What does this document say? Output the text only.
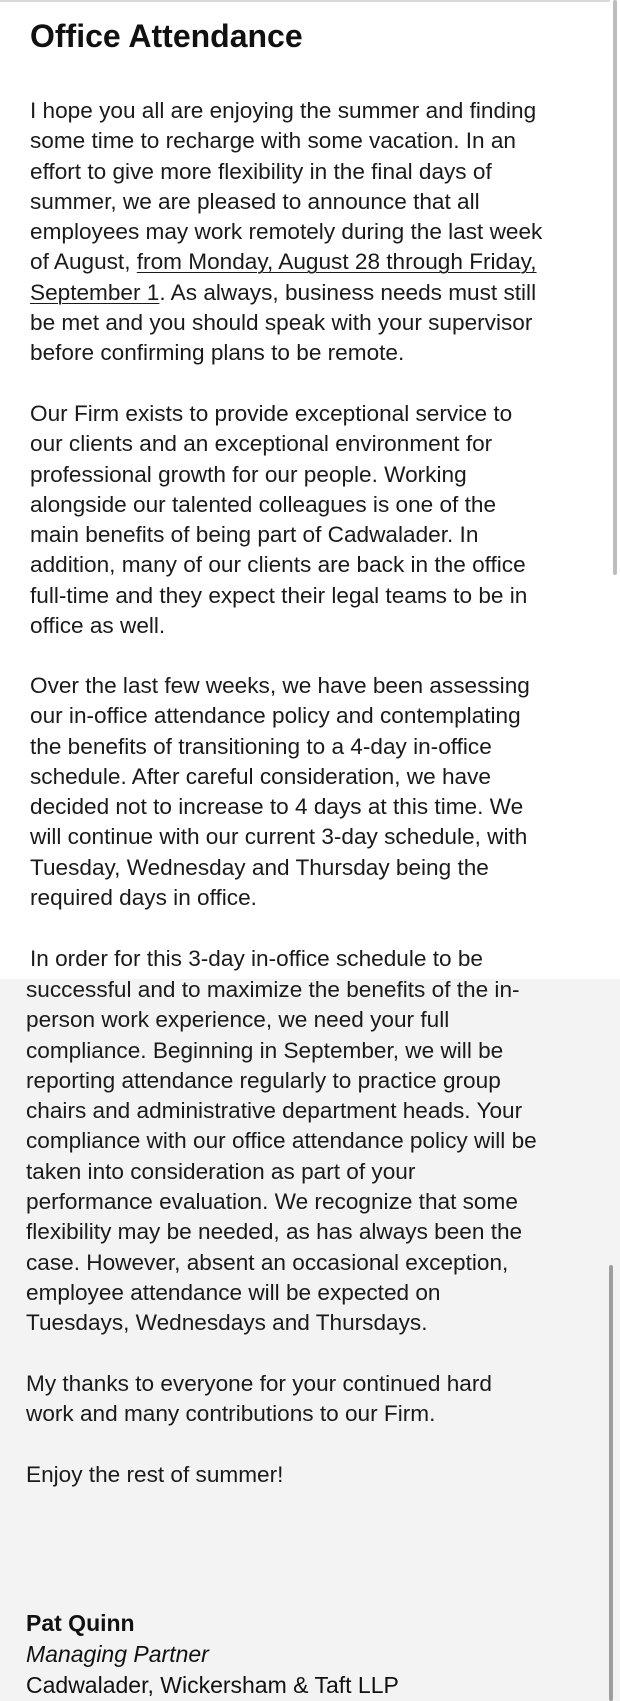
Office Attendance

I hope you all are enjoying the summer and finding
some time to recharge with some vacation. In an
effort to give more flexibility in the final days of
summer, we are pleased to announce that all
employees may work remotely during the last week
of August, from Monday, August 28 through Friday,
September 1. As always, business needs must still
be met and you should speak with your supervisor
before confirming plans to be remote.

Our Firm exists to provide exceptional service to
our clients and an exceptional environment for
professional growth for our people. Working
alongside our talented colleagues is one of the
main benefits of being part of Cadwalader. In
addition, many of our clients are back in the office
full-time and they expect their legal teams to be in
office as well.

Over the last few weeks, we have been assessing
our in-office attendance policy and contemplating
the benefits of transitioning to a 4-day in-office
schedule. After careful consideration, we have
decided not to increase to 4 days at this time. We
will continue with our current 3-day schedule, with
Tuesday, Wednesday and Thursday being the
required days in office.

In order for this 3-day in-office schedule to be

successful and to maximize the benefits of the in-
person work experience, we need your full
compliance. Beginning in September, we will be
reporting attendance regularly to practice group
chairs and administrative department heads. Your
compliance with our office attendance policy will be
taken into consideration as part of your
performance evaluation. We recognize that some
flexibility may be needed, as has always been the
case. However, absent an occasional exception,
employee attendance will be expected on
Tuesdays, Wednesdays and Thursdays.

My thanks to everyone for your continued hard
work and many contributions to our Firm.

Enjoy the rest of summer!

Pat Quinn

Managing Partner

Cadwalader, Wickersham & Taft LLP
